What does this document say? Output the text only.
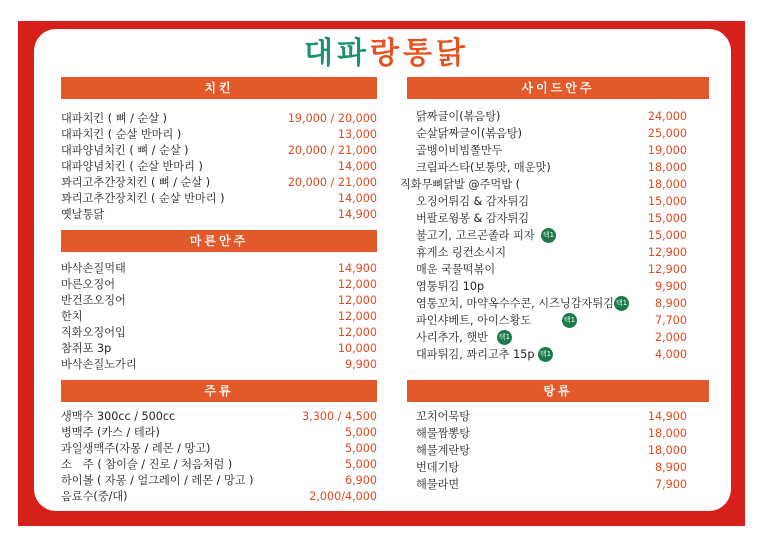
대파랑통닭
치킨
대파치킨 ( 뼈 / 순살 )	19,000 / 20,000
대파치킨 ( 순살 반마리 )	13,000
대파양념치킨 ( 뼈 / 순살 )	20,000 / 21,000
대파양념치킨 ( 순살 반마리 )	14,000
꽈리고추간장치킨 ( 뼈 / 순살 )	20,000 / 21,000
꽈리고추간장치킨 ( 순살 반마리 )	14,000
옛날통닭	14,900
마른안주
바삭손질먹태	14,900
마른오징어	12,000
반건조오징어	12,000
한치	12,000
직화오징어입	12,000
참쥐포 3p	10,000
바삭손질노가리	9,900
주류
생맥수 300cc / 500cc	3,300 / 4,500
병맥주 (카스 / 테라)	5,000
과일생맥주(자몽 / 레몬 / 망고)	5,000
소　주 ( 참이슬 / 진로 / 처음처럼 )	5,000
하이볼 ( 자몽 / 얼그레이 / 레몬 / 망고 )	6,900
음료수(중/대)	2,000/4,000
사이드안주
닭짜글이(볶음탕)	24,000
순살닭짜글이(볶음탕)	25,000
골뱅이비빔쫄만두	19,000
크림파스타(보통맛, 매운맛)	18,000
직화무뼈닭발 @주먹밥 (	18,000
오징어튀김 & 감자튀김	15,000
버팔로윙봉 & 감자튀김	15,000
불고기, 고르곤졸라 피자 택1	15,000
휴게소 링컨소시지	12,900
매운 국물떡볶이	12,900
염통튀김 10p	9,900
염통꼬치, 마약옥수수콘, 시즈닝감자튀김 택1 8,900
파인샤베트, 아이스황도	택1	7,700
사리추가, 햇반 택1	2,000
대파튀김, 꽈리고추 15p 택1	4,000
탕류
꼬치어묵탕	14,900
해물짬뽕탕	18,000
해물계란탕	18,000
번데기탕	8,900
해물라면	7,900
